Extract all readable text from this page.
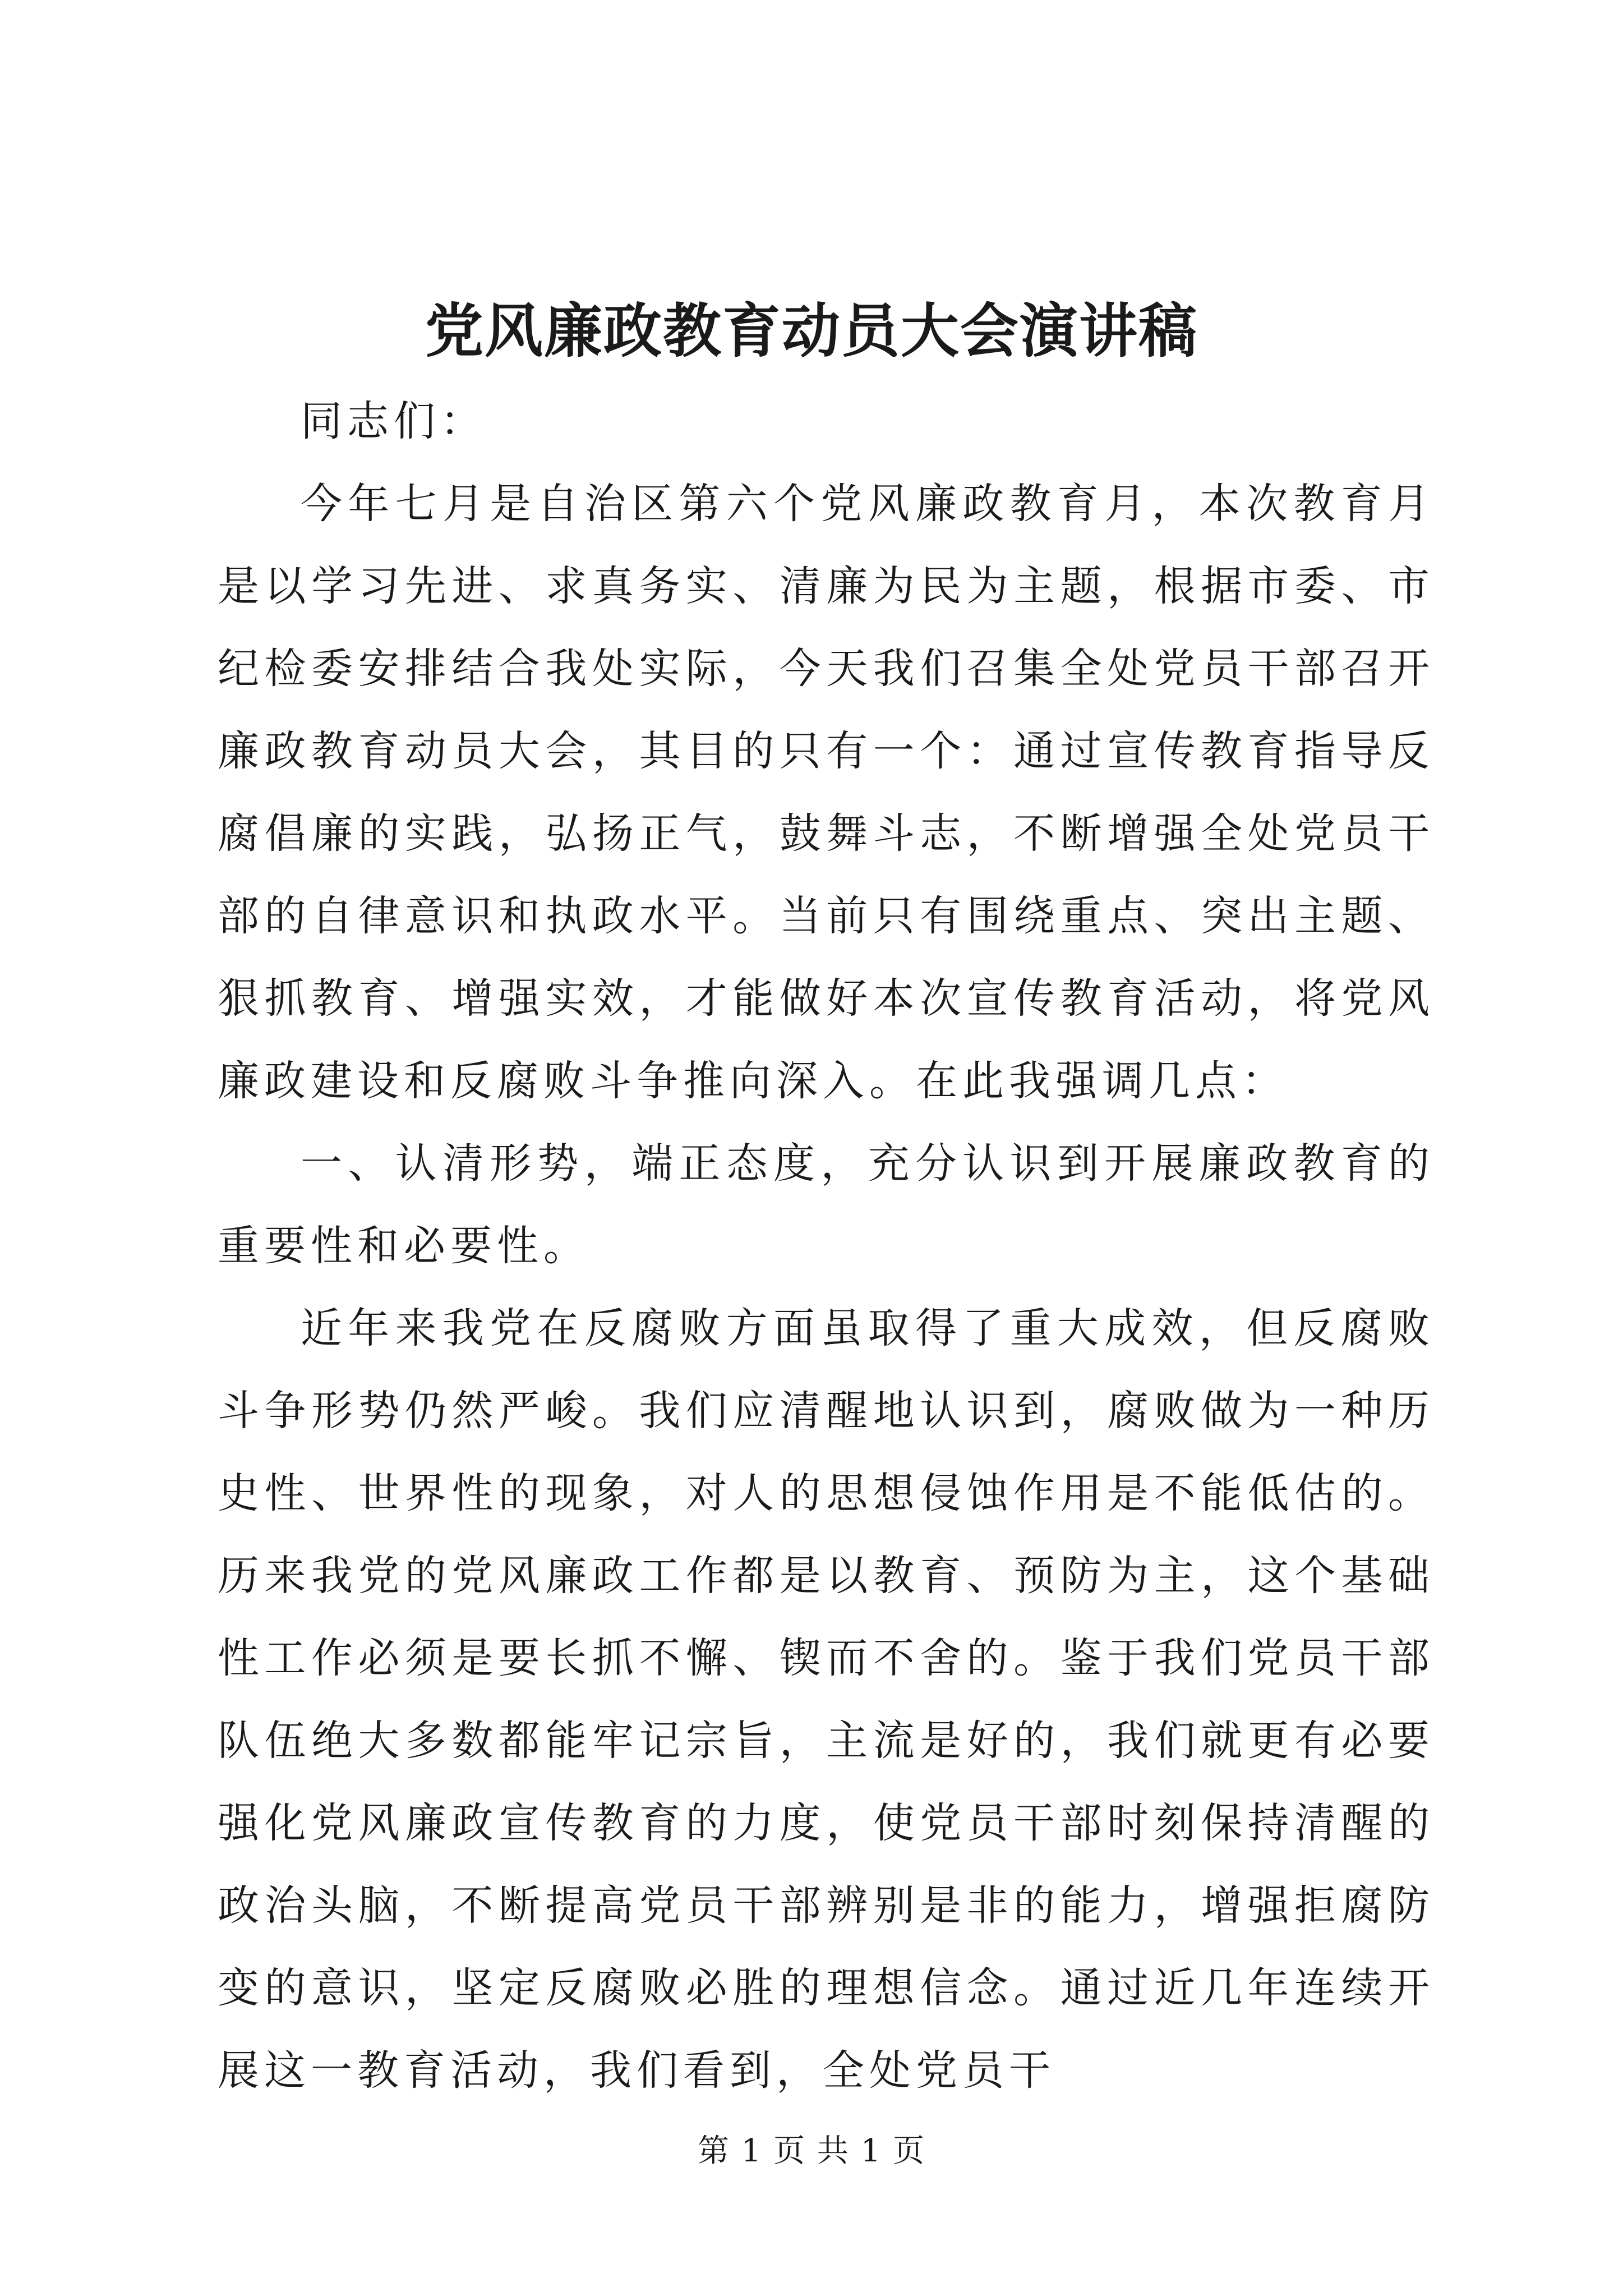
党风廉政教育动员大会演讲稿

同志们：

今年七月是自治区第六个党风廉政教育月，本次教育月是以学习先进、求真务实、清廉为民为主题，根据市委、市纪检委安排结合我处实际，今天我们召集全处党员干部召开廉政教育动员大会，其目的只有一个：通过宣传教育指导反腐倡廉的实践，弘扬正气，鼓舞斗志，不断增强全处党员干部的自律意识和执政水平。当前只有围绕重点、突出主题、狠抓教育、增强实效，才能做好本次宣传教育活动，将党风廉政建设和反腐败斗争推向深入。在此我强调几点：

一、认清形势，端正态度，充分认识到开展廉政教育的重要性和必要性。

近年来我党在反腐败方面虽取得了重大成效，但反腐败斗争形势仍然严峻。我们应清醒地认识到，腐败做为一种历史性、世界性的现象，对人的思想侵蚀作用是不能低估的。历来我党的党风廉政工作都是以教育、预防为主，这个基础性工作必须是要长抓不懈、锲而不舍的。鉴于我们党员干部队伍绝大多数都能牢记宗旨，主流是好的，我们就更有必要强化党风廉政宣传教育的力度，使党员干部时刻保持清醒的政治头脑，不断提高党员干部辨别是非的能力，增强拒腐防变的意识，坚定反腐败必胜的理想信念。通过近几年连续开展这一教育活动，我们看到，全处党员干

第 1 页 共 1 页
